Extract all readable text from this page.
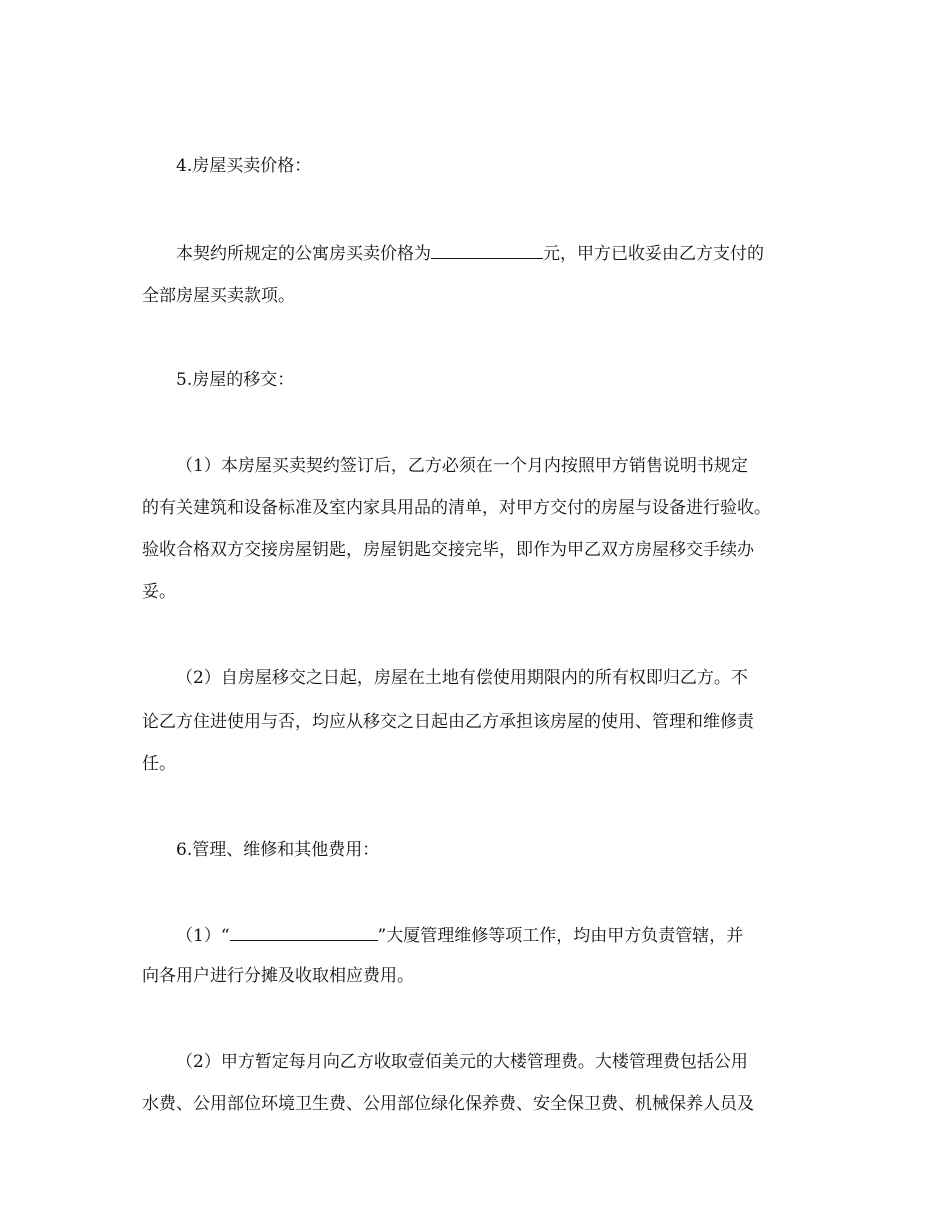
4.房屋买卖价格：
本契约所规定的公寓房买卖价格为	元，甲方已收妥由乙方支付的
全部房屋买卖款项。
5.房屋的移交：
（1）本房屋买卖契约签订后，乙方必须在一个月内按照甲方销售说明书规定
的有关建筑和设备标准及室内家具用品的清单，对甲方交付的房屋与设备进行验收。
验收合格双方交接房屋钥匙，房屋钥匙交接完毕，即作为甲乙双方房屋移交手续办
妥。
（2）自房屋移交之日起，房屋在土地有偿使用期限内的所有权即归乙方。不
论乙方住进使用与否，均应从移交之日起由乙方承担该房屋的使用、管理和维修责
任。
6.管理、维修和其他费用：
（1）“	”大厦管理维修等项工作，均由甲方负责管辖，并
向各用户进行分摊及收取相应费用。
（2）甲方暂定每月向乙方收取壹佰美元的大楼管理费。大楼管理费包括公用
水费、公用部位环境卫生费、公用部位绿化保养费、安全保卫费、机械保养人员及
